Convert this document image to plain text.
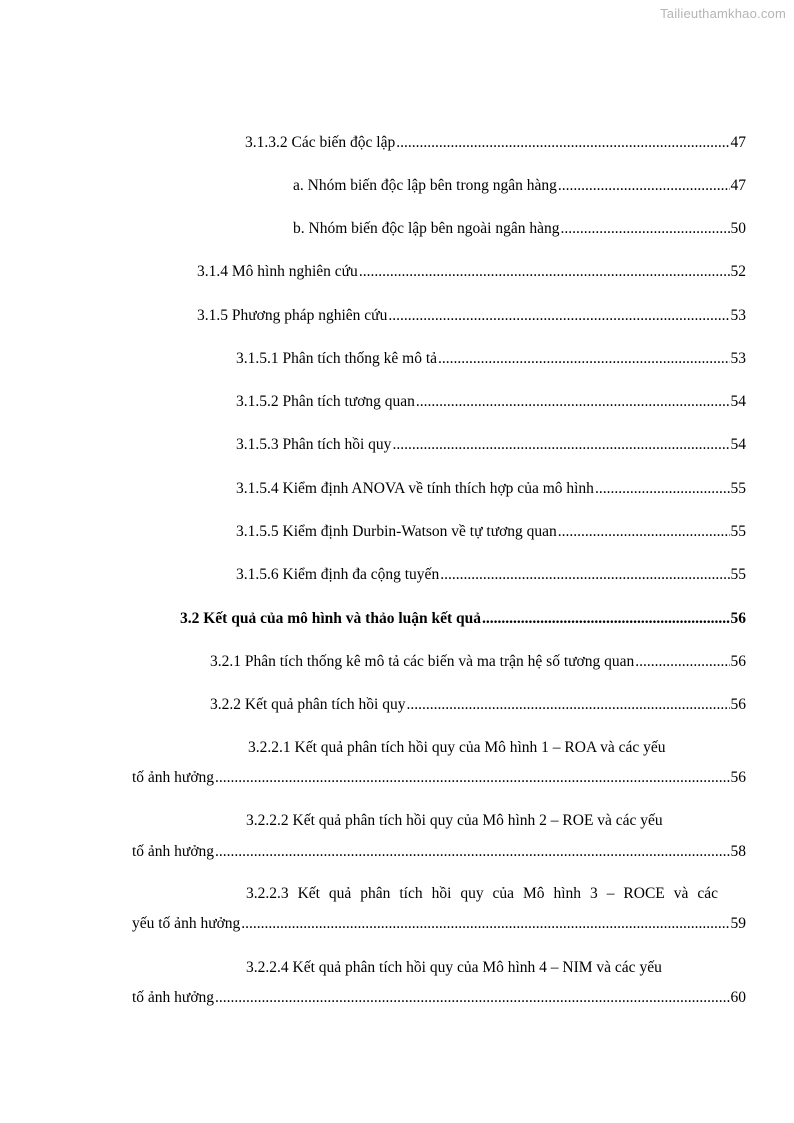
Tailieuthamkhao.com
3.1.3.2 Các biến độc lập .....	47
a. Nhóm biến độc lập bên trong ngân hàng .....	47
b. Nhóm biến độc lập bên ngoài ngân hàng .....	50
3.1.4 Mô hình nghiên cứu .....	52
3.1.5 Phương pháp nghiên cứu .....	53
3.1.5.1 Phân tích thống kê mô tả .....	53
3.1.5.2 Phân tích tương quan .....	54
3.1.5.3 Phân tích hồi quy .....	54
3.1.5.4 Kiểm định ANOVA về tính thích hợp của mô hình .....	55
3.1.5.5 Kiểm định Durbin-Watson về tự tương quan .....	55
3.1.5.6 Kiểm định đa cộng tuyến .....	55
3.2 Kết quả của mô hình và thảo luận kết quả .....	56
3.2.1 Phân tích thống kê mô tả các biến và ma trận hệ số tương quan .....	56
3.2.2 Kết quả phân tích hồi quy .....	56
3.2.2.1 Kết quả phân tích hồi quy của Mô hình 1 – ROA và các yếu
tố ảnh hưởng .....	56
3.2.2.2 Kết quả phân tích hồi quy của Mô hình 2 – ROE và các yếu
tố ảnh hưởng .....	58
3.2.2.3 Kết quả phân tích hồi quy của Mô hình 3 – ROCE và các
yếu tố ảnh hưởng .....	59
3.2.2.4 Kết quả phân tích hồi quy của Mô hình 4 – NIM và các yếu
tố ảnh hưởng .....	60
